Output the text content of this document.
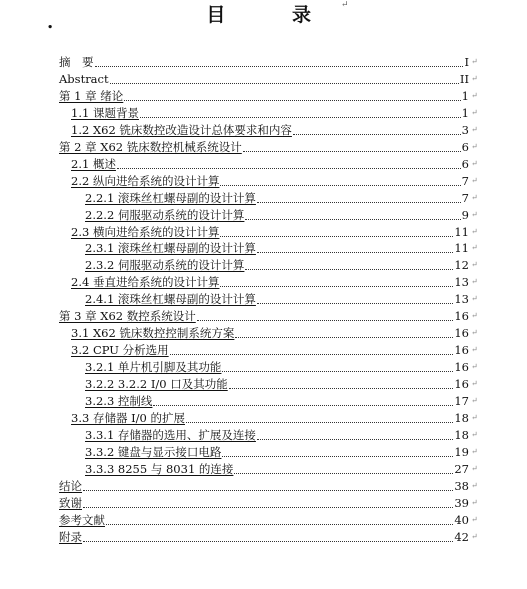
.	目 录↵
摘　要	I ↵
Abstract	II ↵
第 1 章 绪论	1 ↵
1.1 课题背景	1 ↵
1.2 X62 铣床数控改造设计总体要求和内容	3 ↵
第 2 章 X62 铣床数控机械系统设计	6 ↵
2.1 概述	6 ↵
2.2 纵向进给系统的设计计算	7 ↵
2.2.1 滚珠丝杠螺母副的设计计算	7 ↵
2.2.2 伺服驱动系统的设计计算	9 ↵
2.3 横向进给系统的设计计算	11 ↵
2.3.1 滚珠丝杠螺母副的设计计算	11 ↵
2.3.2 伺服驱动系统的设计计算	12 ↵
2.4 垂直进给系统的设计计算	13 ↵
2.4.1 滚珠丝杠螺母副的设计计算	13 ↵
第 3 章 X62 数控系统设计	16 ↵
3.1 X62 铣床数控控制系统方案	16 ↵
3.2 CPU 分析选用	16 ↵
3.2.1 单片机引脚及其功能	16 ↵
3.2.2 3.2.2 I/0 口及其功能	16 ↵
3.2.3 控制线	17 ↵
3.3 存储器 I/0 的扩展	18 ↵
3.3.1 存储器的选用、扩展及连接	18 ↵
3.3.2 键盘与显示接口电路	19 ↵
3.3.3 8255 与 8031 的连接	27 ↵
结论	38 ↵
致谢	39 ↵
参考文献	40 ↵
附录	42 ↵
